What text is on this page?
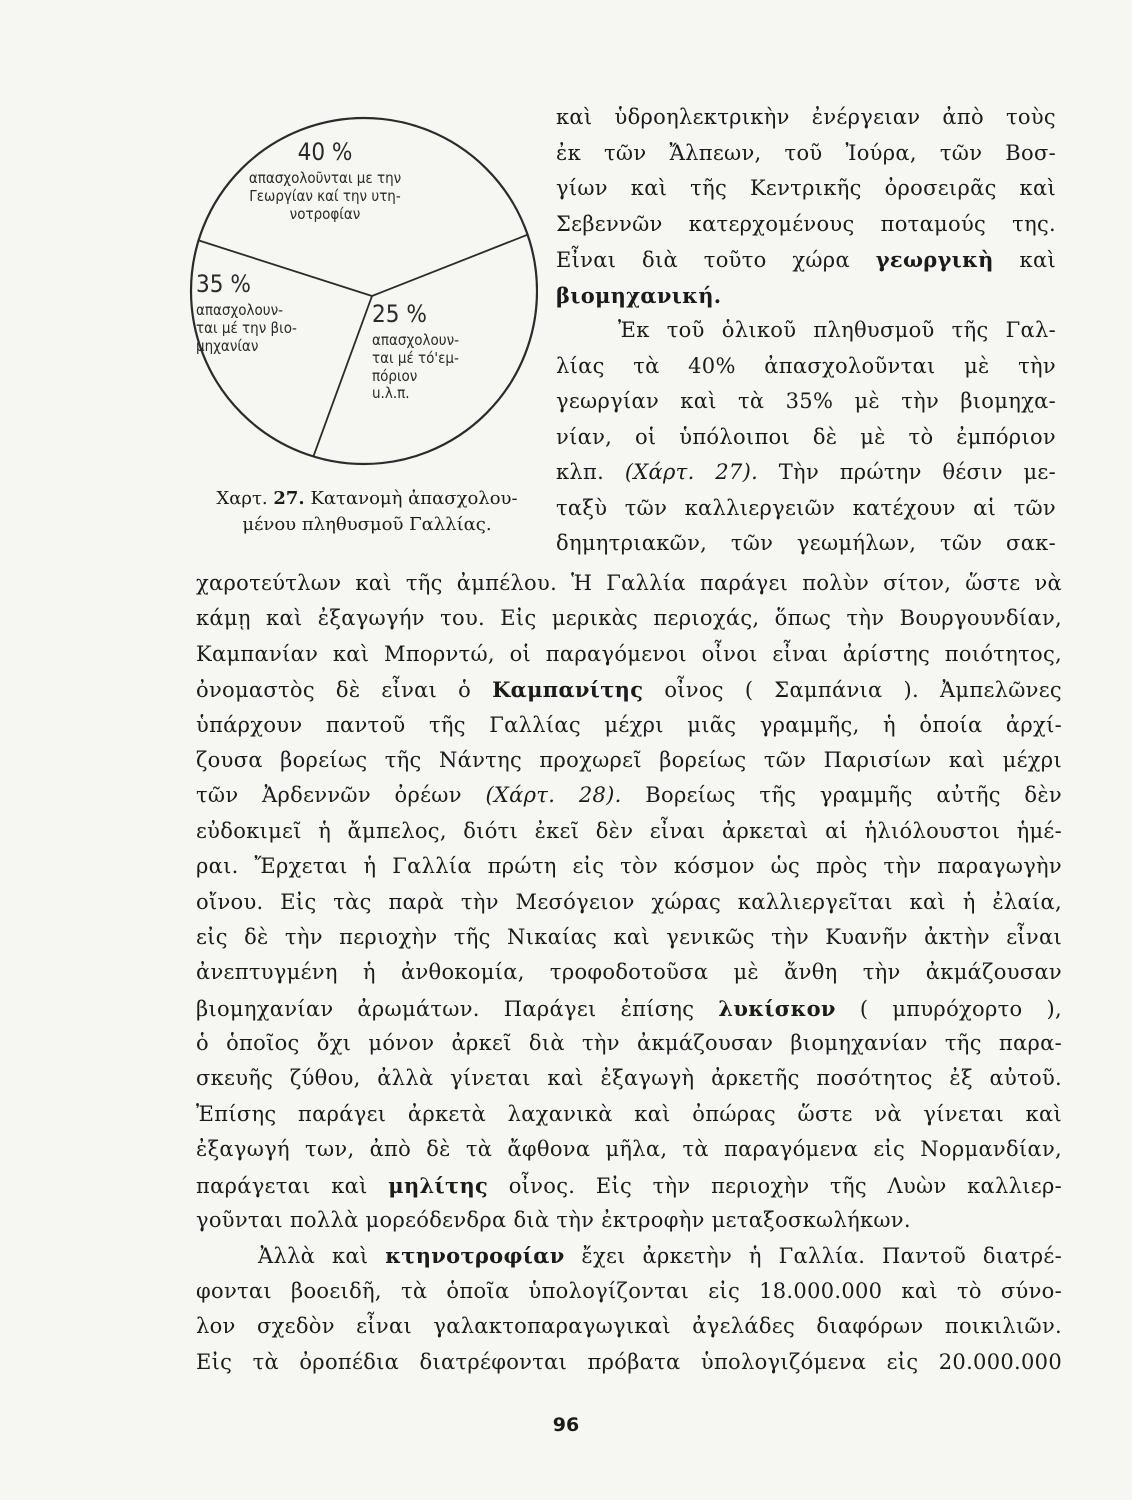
40 %
απασχολοῦνται με την
Γεωργίαν καί την υτη-
νοτροφίαν
35 %
απασχολουν-
ται μέ την βιο-
μηχανίαν
25 %
απασχολουν-
ται μέ τό'εμ-
πόριον
u.λ.π.
Χαρτ. 27. Κατανομὴ ἀπασχολου-
μένου πληθυσμοῦ Γαλλίας.
καὶ ὑδροηλεκτρικὴν ἐνέργειαν ἀπὸ τοὺς
ἐκ τῶν Ἄλπεων, τοῦ Ἰούρα, τῶν Βοσ-
γίων καὶ τῆς Κεντρικῆς ὀροσειρᾶς καὶ
Σεβεννῶν κατερχομένους ποταμούς της.
Εἶναι διὰ τοῦτο χώρα γεωργικὴ καὶ
βιομηχανική.
Ἐκ τοῦ ὁλικοῦ πληθυσμοῦ τῆς Γαλ-
λίας τὰ 40% ἀπασχολοῦνται μὲ τὴν
γεωργίαν καὶ τὰ 35% μὲ τὴν βιομηχα-
νίαν, οἱ ὑπόλοιποι δὲ μὲ τὸ ἐμπόριον
κλπ. (Χάρτ. 27). Τὴν πρώτην θέσιν με-
ταξὺ τῶν καλλιεργειῶν κατέχουν αἱ τῶν
δημητριακῶν, τῶν γεωμήλων, τῶν σακ-
χαροτεύτλων καὶ τῆς ἀμπέλου. Ἡ Γαλλία παράγει πολὺν σίτον, ὥστε νὰ
κάμῃ καὶ ἐξαγωγήν του. Εἰς μερικὰς περιοχάς, ὅπως τὴν Βουργουνδίαν,
Καμπανίαν καὶ Μπορντώ, οἱ παραγόμενοι οἶνοι εἶναι ἀρίστης ποιότητος,
ὀνομαστὸς δὲ εἶναι ὁ Καμπανίτης οἶνος ( Σαμπάνια ). Ἀμπελῶνες
ὑπάρχουν παντοῦ τῆς Γαλλίας μέχρι μιᾶς γραμμῆς, ἡ ὁποία ἀρχί-
ζουσα βορείως τῆς Νάντης προχωρεῖ βορείως τῶν Παρισίων καὶ μέχρι
τῶν Ἀρδεννῶν ὀρέων (Χάρτ. 28). Βορείως τῆς γραμμῆς αὐτῆς δὲν
εὐδοκιμεῖ ἡ ἄμπελος, διότι ἐκεῖ δὲν εἶναι ἀρκεταὶ αἱ ἡλιόλουστοι ἡμέ-
ραι. Ἔρχεται ἡ Γαλλία πρώτη εἰς τὸν κόσμον ὡς πρὸς τὴν παραγωγὴν
οἴνου. Εἰς τὰς παρὰ τὴν Μεσόγειον χώρας καλλιεργεῖται καὶ ἡ ἐλαία,
εἰς δὲ τὴν περιοχὴν τῆς Νικαίας καὶ γενικῶς τὴν Κυανῆν ἀκτὴν εἶναι
ἀνεπτυγμένη ἡ ἀνθοκομία, τροφοδοτοῦσα μὲ ἄνθη τὴν ἀκμάζουσαν
βιομηχανίαν ἀρωμάτων. Παράγει ἐπίσης λυκίσκον ( μπυρόχορτο ),
ὁ ὁποῖος ὄχι μόνον ἀρκεῖ διὰ τὴν ἀκμάζουσαν βιομηχανίαν τῆς παρα-
σκευῆς ζύθου, ἀλλὰ γίνεται καὶ ἐξαγωγὴ ἀρκετῆς ποσότητος ἐξ αὐτοῦ.
Ἐπίσης παράγει ἀρκετὰ λαχανικὰ καὶ ὀπώρας ὥστε νὰ γίνεται καὶ
ἐξαγωγή των, ἀπὸ δὲ τὰ ἄφθονα μῆλα, τὰ παραγόμενα εἰς Νορμανδίαν,
παράγεται καὶ μηλίτης οἶνος. Εἰς τὴν περιοχὴν τῆς Λυὼν καλλιερ-
γοῦνται πολλὰ μορεόδενδρα διὰ τὴν ἐκτροφὴν μεταξοσκωλήκων.
Ἀλλὰ καὶ κτηνοτροφίαν ἔχει ἀρκετὴν ἡ Γαλλία. Παντοῦ διατρέ-
φονται βοοειδῆ, τὰ ὁποῖα ὑπολογίζονται εἰς 18.000.000 καὶ τὸ σύνο-
λον σχεδὸν εἶναι γαλακτοπαραγωγικαὶ ἀγελάδες διαφόρων ποικιλιῶν.
Εἰς τὰ ὀροπέδια διατρέφονται πρόβατα ὑπολογιζόμενα εἰς 20.000.000
96
